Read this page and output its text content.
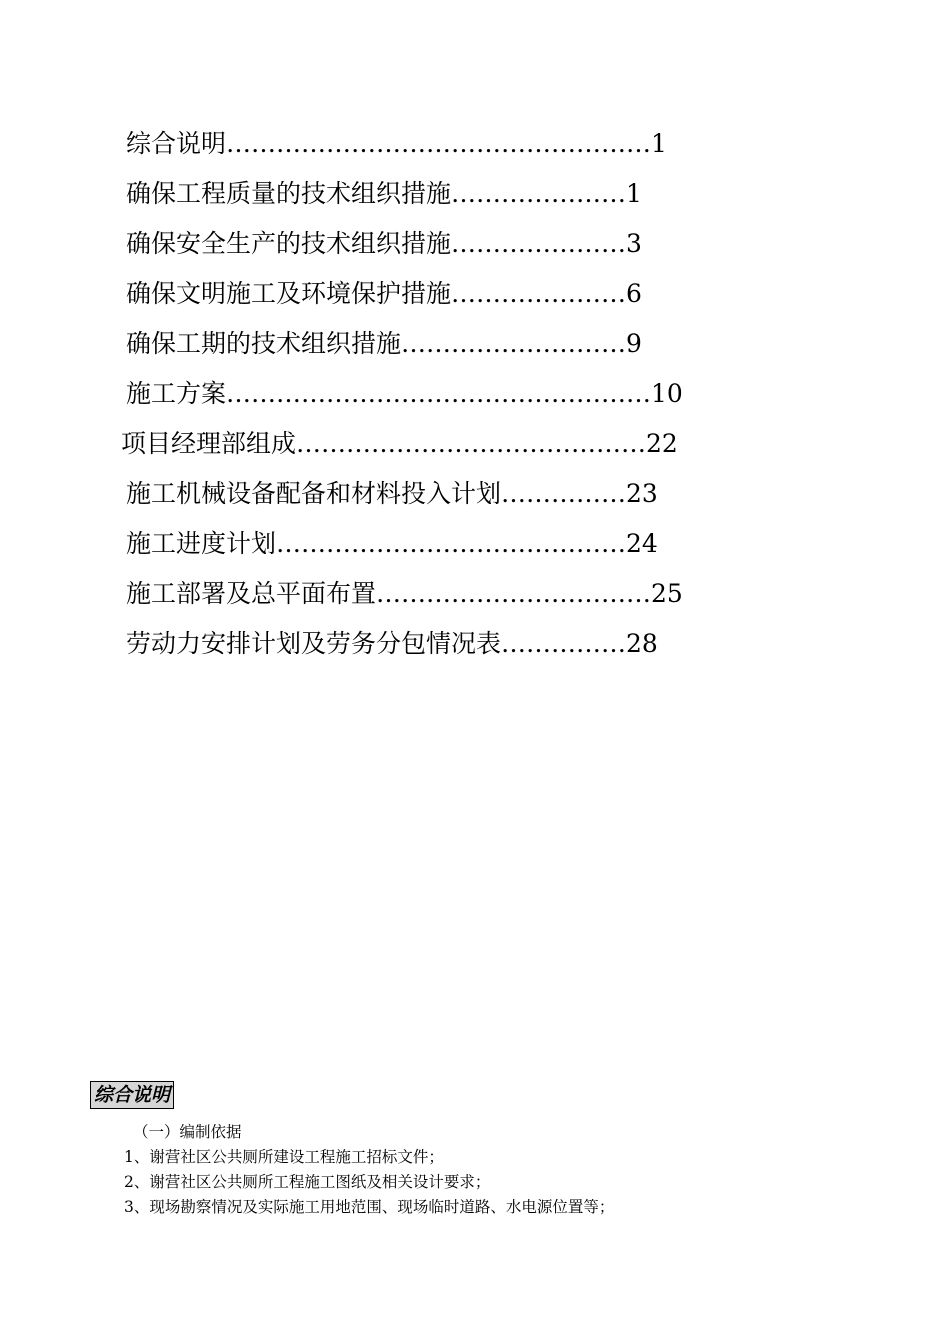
综合说明……………………………………………1
确保工程质量的技术组织措施…………………1
确保安全生产的技术组织措施…………………3
确保文明施工及环境保护措施…………………6
确保工期的技术组织措施………………………9
施工方案……………………………………………10
项目经理部组成……………………………………22
施工机械设备配备和材料投入计划……………23
施工进度计划……………………………………24
施工部署及总平面布置……………………………25
劳动力安排计划及劳务分包情况表……………28
综合说明
（一）编制依据
1、谢营社区公共厕所建设工程施工招标文件；
2、谢营社区公共厕所工程施工图纸及相关设计要求；
3、现场勘察情况及实际施工用地范围、现场临时道路、水电源位置等；
